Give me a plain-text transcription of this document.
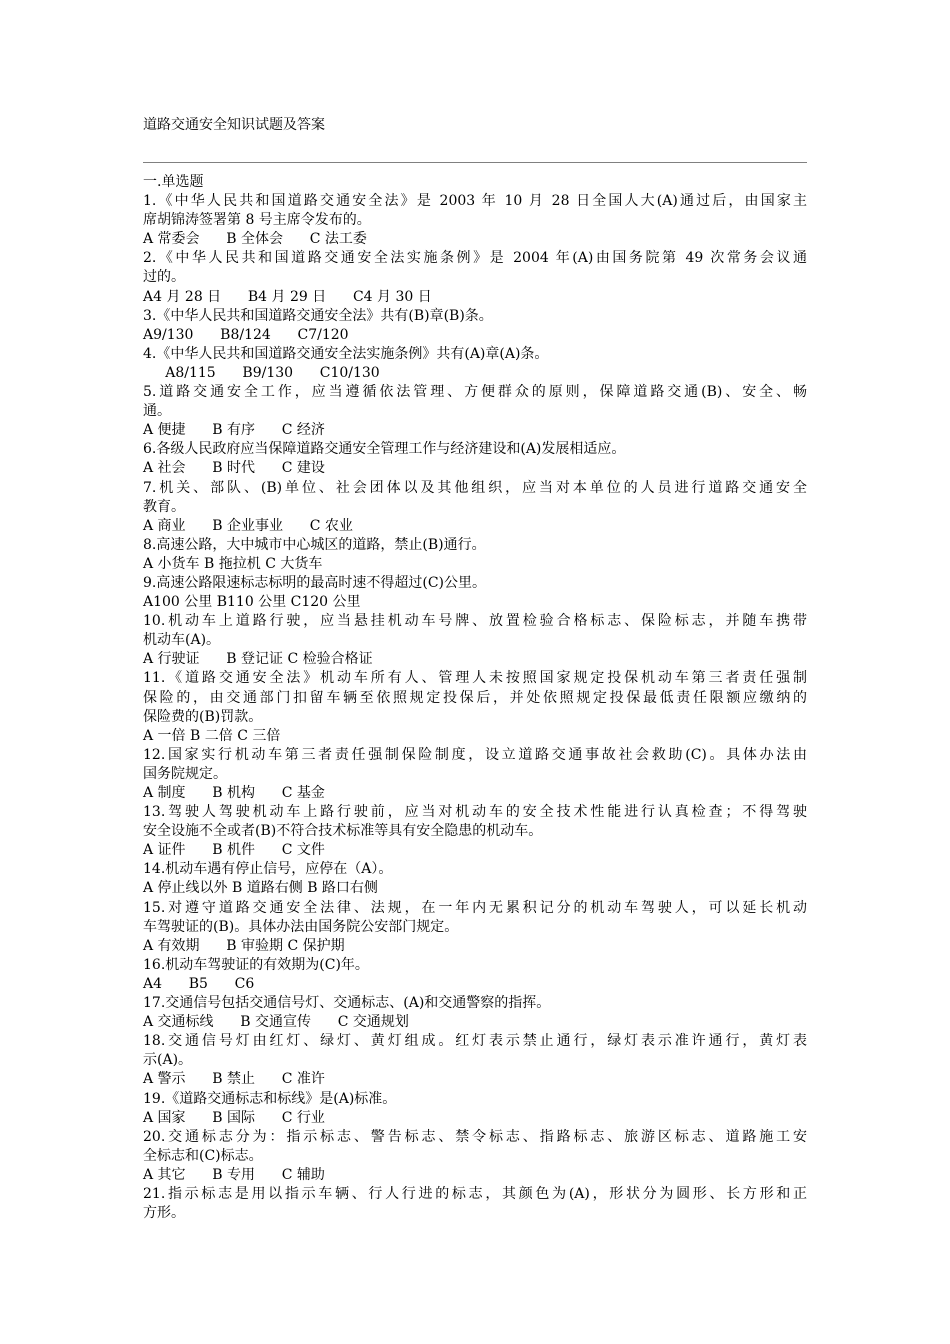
道路交通安全知识试题及答案
一.单选题
1.《中华人民共和国道路交通安全法》是 2003 年 10 月 28 日全国人大(A)通过后，由国家主
席胡锦涛签署第 8 号主席令发布的。
A 常委会      B 全体会      C 法工委
2.《中华人民共和国道路交通安全法实施条例》是 2004 年(A)由国务院第 49 次常务会议通
过的。
A4 月 28 日      B4 月 29 日      C4 月 30 日
3.《中华人民共和国道路交通安全法》共有(B)章(B)条。
A9/130      B8/124      C7/120
4.《中华人民共和国道路交通安全法实施条例》共有(A)章(A)条。
A8/115      B9/130      C10/130
5.道路交通安全工作，应当遵循依法管理、方便群众的原则，保障道路交通(B)、安全、畅
通。
A 便捷      B 有序      C 经济
6.各级人民政府应当保障道路交通安全管理工作与经济建设和(A)发展相适应。
A 社会      B 时代      C 建设
7.机关、部队、(B)单位、社会团体以及其他组织，应当对本单位的人员进行道路交通安全
教育。
A 商业      B 企业事业      C 农业
8.高速公路，大中城市中心城区的道路，禁止(B)通行。
A 小货车 B 拖拉机 C 大货车
9.高速公路限速标志标明的最高时速不得超过(C)公里。
A100 公里 B110 公里 C120 公里
10.机动车上道路行驶，应当悬挂机动车号牌、放置检验合格标志、保险标志，并随车携带
机动车(A)。
A 行驶证      B 登记证 C 检验合格证
11.《道路交通安全法》机动车所有人、管理人未按照国家规定投保机动车第三者责任强制
保险的，由交通部门扣留车辆至依照规定投保后，并处依照规定投保最低责任限额应缴纳的
保险费的(B)罚款。
A 一倍 B 二倍 C 三倍
12.国家实行机动车第三者责任强制保险制度，设立道路交通事故社会救助(C)。具体办法由
国务院规定。
A 制度      B 机构      C 基金
13.驾驶人驾驶机动车上路行驶前，应当对机动车的安全技术性能进行认真检查；不得驾驶
安全设施不全或者(B)不符合技术标准等具有安全隐患的机动车。
A 证件      B 机件      C 文件
14.机动车遇有停止信号，应停在（A）。
A 停止线以外 B 道路右侧 B 路口右侧
15.对遵守道路交通安全法律、法规，在一年内无累积记分的机动车驾驶人，可以延长机动
车驾驶证的(B)。具体办法由国务院公安部门规定。
A 有效期      B 审验期 C 保护期
16.机动车驾驶证的有效期为(C)年。
A4      B5      C6
17.交通信号包括交通信号灯、交通标志、(A)和交通警察的指挥。
A 交通标线      B 交通宣传      C 交通规划
18.交通信号灯由红灯、绿灯、黄灯组成。红灯表示禁止通行，绿灯表示准许通行，黄灯表
示(A)。
A 警示      B 禁止      C 准许
19.《道路交通标志和标线》是(A)标准。
A 国家      B 国际      C 行业
20.交通标志分为：指示标志、警告标志、禁令标志、指路标志、旅游区标志、道路施工安
全标志和(C)标志。
A 其它      B 专用      C 辅助
21.指示标志是用以指示车辆、行人行进的标志，其颜色为(A)，形状分为圆形、长方形和正
方形。
